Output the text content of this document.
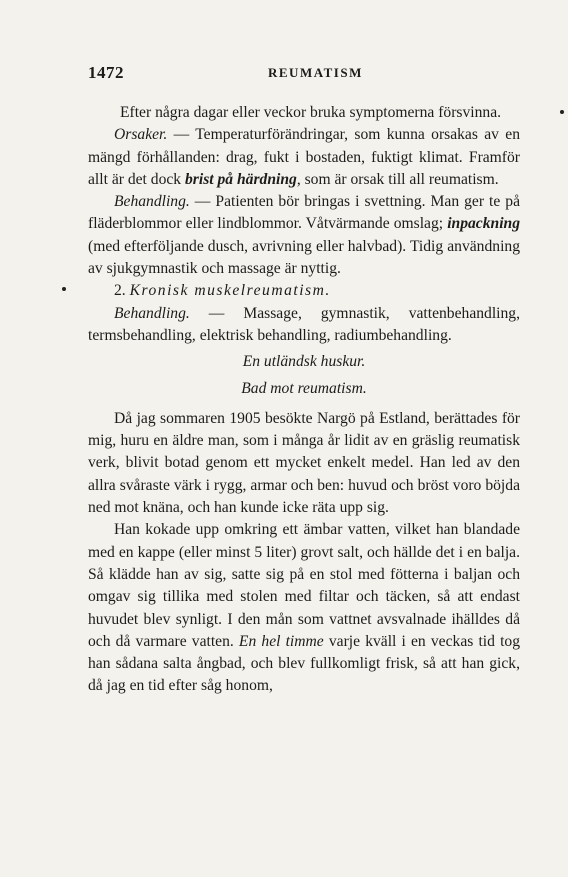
1472	REUMATISM

Efter några dagar eller veckor bruka symptomerna försvinna.

Orsaker. — Temperaturförändringar, som kunna orsakas av en mängd förhållanden: drag, fukt i bostaden, fuktigt klimat. Framför allt är det dock brist på härdning, som är orsak till all reumatism.

Behandling. — Patienten bör bringas i svettning. Man ger te på fläderblommor eller lindblommor. Våtvärmande omslag; inpackning (med efterföljande dusch, avrivning eller halvbad). Tidig användning av sjukgymnastik och massage är nyttig.

2. Kronisk muskelreumatism.

Behandling. — Massage, gymnastik, vattenbehandling, termsbehandling, elektrisk behandling, radiumbehandling.

En utländsk huskur.

Bad mot reumatism.

Då jag sommaren 1905 besökte Nargö på Estland, berättades för mig, huru en äldre man, som i många år lidit av en gräslig reumatisk verk, blivit botad genom ett mycket enkelt medel. Han led av den allra svåraste värk i rygg, armar och ben: huvud och bröst voro böjda ned mot knäna, och han kunde icke räta upp sig.

Han kokade upp omkring ett ämbar vatten, vilket han blandade med en kappe (eller minst 5 liter) grovt salt, och hällde det i en balja. Så klädde han av sig, satte sig på en stol med fötterna i baljan och omgav sig tillika med stolen med filtar och täcken, så att endast huvudet blev synligt. I den mån som vattnet avsvalnade ihälldes då och då varmare vatten. En hel timme varje kväll i en veckas tid tog han sådana salta ångbad, och blev fullkomligt frisk, så att han gick, då jag en tid efter såg honom,
